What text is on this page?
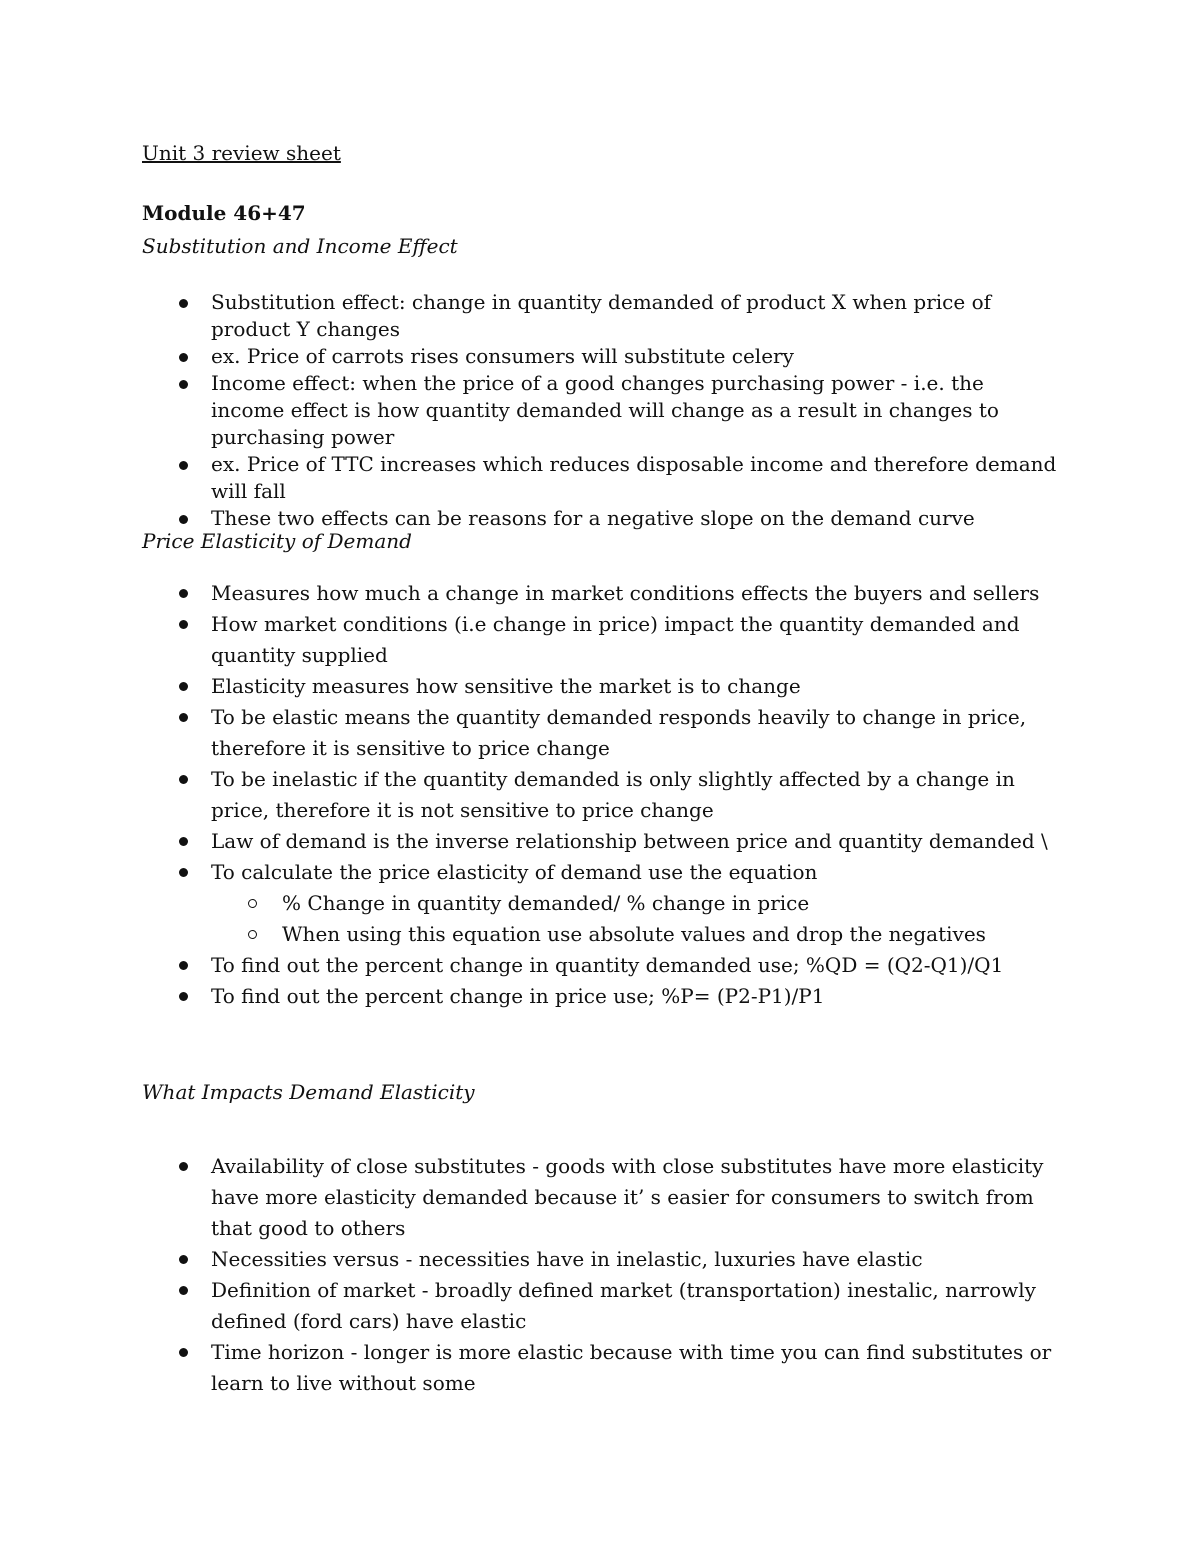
Unit 3 review sheet
Module 46+47
Substitution and Income Effect
Substitution effect: change in quantity demanded of product X when price of product Y changes
ex. Price of carrots rises consumers will substitute celery
Income effect: when the price of a good changes purchasing power - i.e. the income effect is how quantity demanded will change as a result in changes to purchasing power
ex. Price of TTC increases which reduces disposable income and therefore demand will fall
These two effects can be reasons for a negative slope on the demand curve
Price Elasticity of Demand
Measures how much a change in market conditions effects the buyers and sellers
How market conditions (i.e change in price) impact the quantity demanded and quantity supplied
Elasticity measures how sensitive the market is to change
To be elastic means the quantity demanded responds heavily to change in price, therefore it is sensitive to price change
To be inelastic if the quantity demanded is only slightly affected by a change in price, therefore it is not sensitive to price change
Law of demand is the inverse relationship between price and quantity demanded \
To calculate the price elasticity of demand use the equation
% Change in quantity demanded/ % change in price
When using this equation use absolute values and drop the negatives
To find out the percent change in quantity demanded use; %QD = (Q2-Q1)/Q1
To find out the percent change in price use; %P= (P2-P1)/P1
What Impacts Demand Elasticity
Availability of close substitutes - goods with close substitutes have more elasticity have more elasticity demanded because it’ s easier for consumers to switch from that good to others
Necessities versus - necessities have in inelastic, luxuries have elastic
Definition of market - broadly defined market (transportation) inestalic, narrowly defined (ford cars) have elastic
Time horizon - longer is more elastic because with time you can find substitutes or learn to live without some
